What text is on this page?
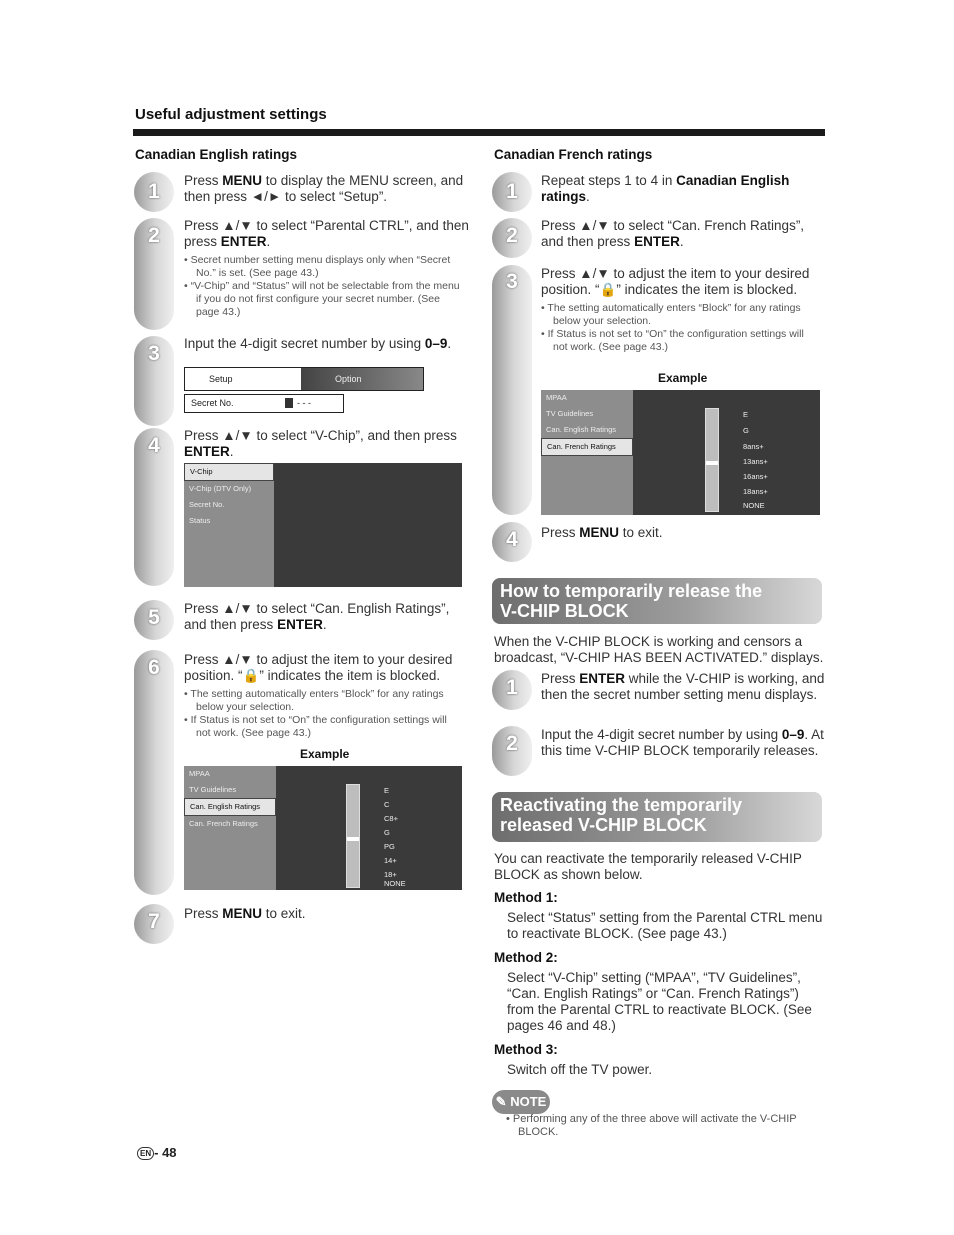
Useful adjustment settings
Canadian English ratings
1	Press MENU to display the MENU screen, and then press ◄/► to select “Setup”.
2	Press ▲/▼ to select “Parental CTRL”, and then press ENTER.
• Secret number setting menu displays only when “Secret No.” is set. (See page 43.)
• “V-Chip” and “Status” will not be selectable from the menu if you do not first configure your secret number. (See page 43.)
3	Input the 4-digit secret number by using 0–9.
Setup	Option
Secret No.	- - -
4	Press ▲/▼ to select “V-Chip”, and then press ENTER.
V-Chip
V-Chip (DTV Only)
Secret No.
Status
5	Press ▲/▼ to select “Can. English Ratings”, and then press ENTER.
6	Press ▲/▼ to adjust the item to your desired position. “🔒” indicates the item is blocked.
• The setting automatically enters “Block” for any ratings below your selection.
• If Status is not set to “On” the configuration settings will not work. (See page 43.)
Example
MPAA
TV Guidelines
Can. English Ratings
Can. French Ratings
E
C
C8+
G
PG
14+
18+
NONE
7	Press MENU to exit.
Canadian French ratings
1	Repeat steps 1 to 4 in Canadian English ratings.
2	Press ▲/▼ to select “Can. French Ratings”, and then press ENTER.
3	Press ▲/▼ to adjust the item to your desired position. “🔒” indicates the item is blocked.
• The setting automatically enters “Block” for any ratings below your selection.
• If Status is not set to “On” the configuration settings will not work. (See page 43.)
Example
MPAA
TV Guidelines
Can. English Ratings
Can. French Ratings
E
G
8ans+
13ans+
16ans+
18ans+
NONE
4	Press MENU to exit.
How to temporarily release the
V-CHIP BLOCK
When the V-CHIP BLOCK is working and censors a broadcast, “V-CHIP HAS BEEN ACTIVATED.” displays.
1	Press ENTER while the V-CHIP is working, and then the secret number setting menu displays.
2	Input the 4-digit secret number by using 0–9. At this time V-CHIP BLOCK temporarily releases.
Reactivating the temporarily
released V-CHIP BLOCK
You can reactivate the temporarily released V-CHIP BLOCK as shown below.
Method 1:
Select “Status” setting from the Parental CTRL menu to reactivate BLOCK. (See page 43.)
Method 2:
Select “V-Chip” setting (“MPAA”, “TV Guidelines”, “Can. English Ratings” or “Can. French Ratings”) from the Parental CTRL to reactivate BLOCK. (See pages 46 and 48.)
Method 3:
Switch off the TV power.
✎ NOTE
• Performing any of the three above will activate the V-CHIP BLOCK.
EN - 48
